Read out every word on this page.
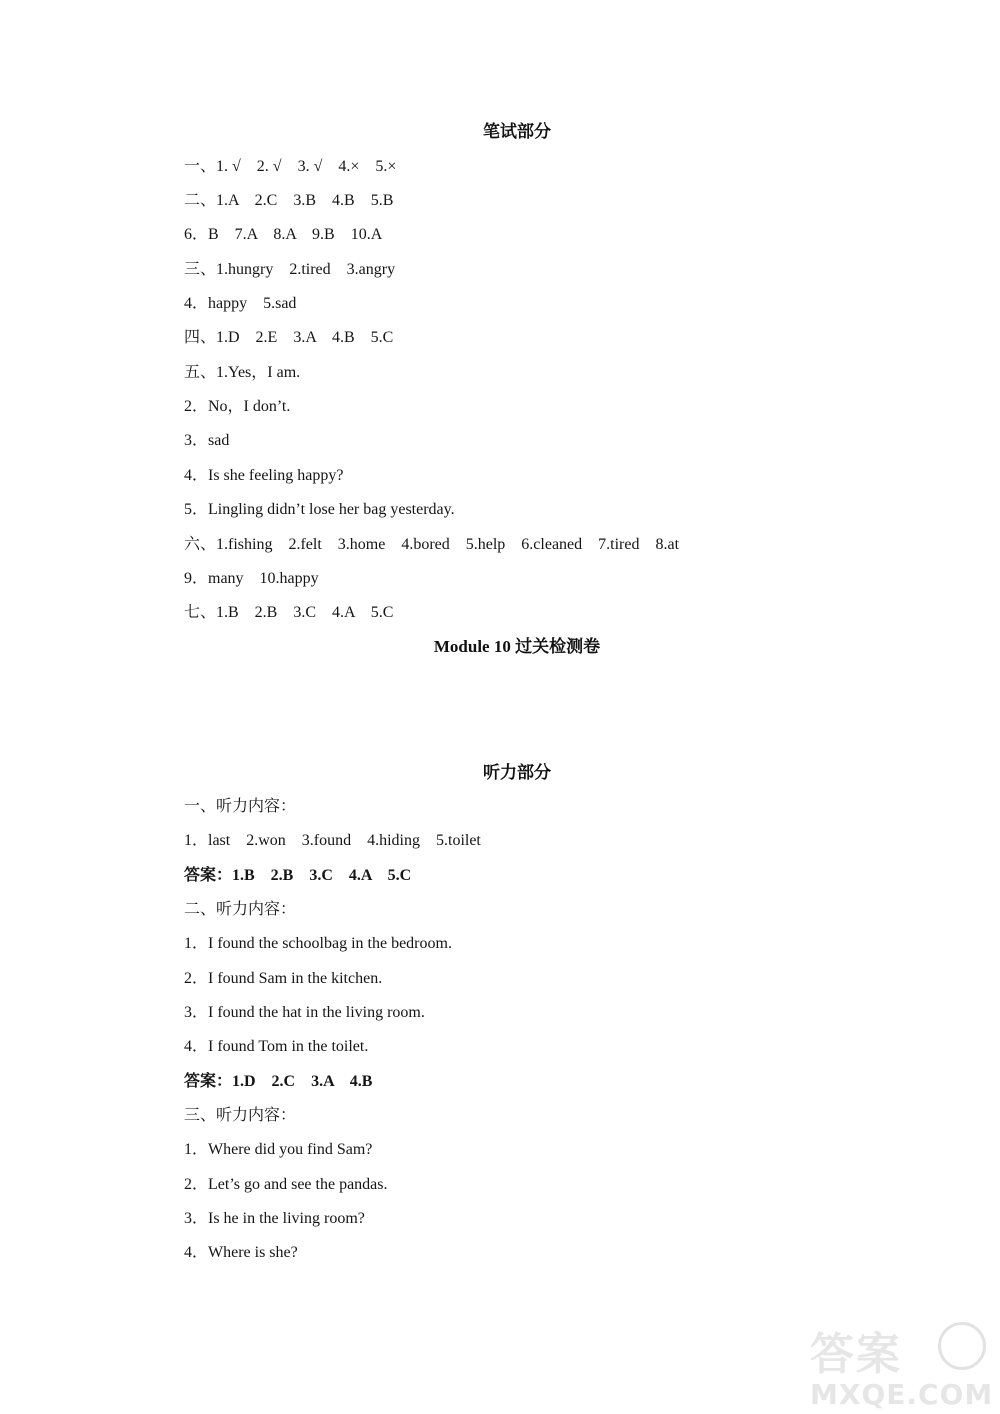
笔试部分
一、1. √    2. √    3. √    4.×    5.×
二、1.A    2.C    3.B    4.B    5.B
6．B    7.A    8.A    9.B    10.A
三、1.hungry    2.tired    3.angry
4．happy    5.sad
四、1.D    2.E    3.A    4.B    5.C
五、1.Yes，I am.
2．No，I don’t.
3．sad
4．Is she feeling happy?
5．Lingling didn’t lose her bag yesterday.
六、1.fishing    2.felt    3.home    4.bored    5.help    6.cleaned    7.tired    8.at
9．many    10.happy
七、1.B    2.B    3.C    4.A    5.C
Module 10 过关检测卷
听力部分
一、听力内容：
1．last    2.won    3.found    4.hiding    5.toilet
答案：1.B    2.B    3.C    4.A    5.C
二、听力内容：
1．I found the schoolbag in the bedroom.
2．I found Sam in the kitchen.
3．I found the hat in the living room.
4．I found Tom in the toilet.
答案：1.D    2.C    3.A    4.B
三、听力内容：
1．Where did you find Sam?
2．Let’s go and see the pandas.
3．Is he in the living room?
4．Where is she?
答案
MXQE.COM
